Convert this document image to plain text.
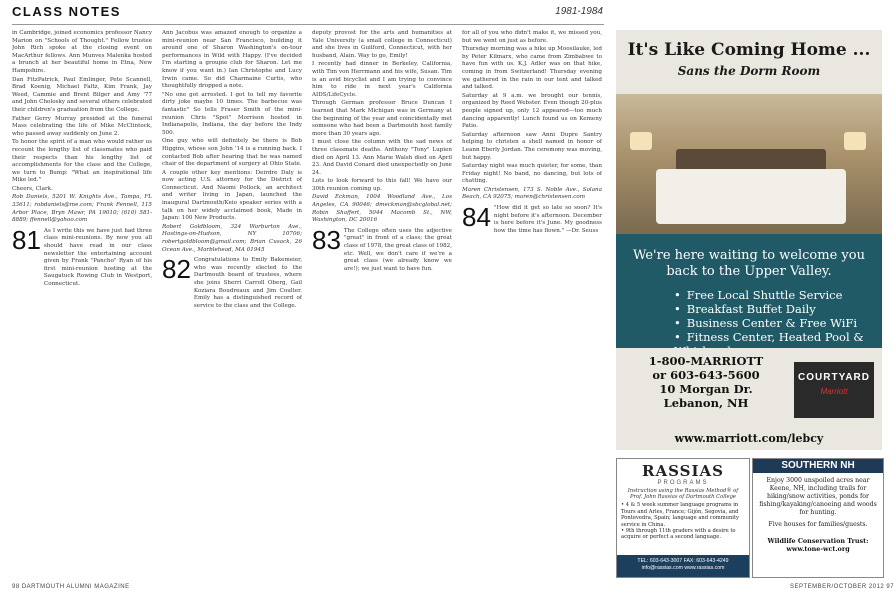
CLASS NOTES	1981-1984

in Cambridge, joined economics professor Nancy Marion on "Schools of Thought." Fellow trustee John Rich spoke at the closing event on MacArthur fellows. Ann Munves Malenka hosted a brunch at her beautiful home in Etna, New Hampshire.

Dan FitzPatrick, Paul Emlinger, Pete Scannell, Brad Koenig, Michael Faltz, Kim Frank, Jay Weed, Cammie and Brent Bilger and Amy '77 and John Cholosky and several others celebrated their children's graduation from the College.

Father Gerry Murray presided at the funeral Mass celebrating the life of Mike McClintock, who passed away suddenly on June 2.

To honor the spirit of a man who would rather us recount the lengthy list of classmates who paid their respects than his lengthy list of accomplishments for the class and the College, we turn to Bump: "What an inspirational life Mike led."

Cheers, Clark.

Rob Daniels, 5201 W. Knights Ave., Tampa, FL 33611; robdaniels@me.com; Frank Fennell, 115 Arbor Place, Bryn Mawr, PA 19010; (610) 581-8889; ffennell@yahoo.com

81 As I write this we have just had three class mini-reunions. By now you all should have read in our class newsletter the entertaining account given by Frank "Pancho" Ryan of his first mini-reunion hosting at the Saugatuck Rowing Club in Westport, Connecticut.

Ann Jacobus was amazed enough to organize a mini-reunion near San Francisco, building it around one of Sharon Washington's on-tour performances in Wild with Happy. (I've decided I'm starting a groupie club for Sharon. Let me know if you want in.) Ian Christophe and Lucy Irwin came. So did Charmaine Curtis, who thoughtfully dropped a note.

"No one got arrested. I got to tell my favorite dirty joke maybe 10 times. The barbecue was fantastic" So tells Fraser Smith of the mini-reunion Chris "Spot" Morrison hosted in Indianapolis, Indiana, the day before the Indy 500.

One guy who will definitely be there is Bob Higgins, whose son John '14 is a running back. I contacted Bob after hearing that he was named chair of the department of surgery at Ohio State.

A couple other key mentions: Deirdre Daly is now acting U.S. attorney for the District of Connecticut. And Naomi Pollock, an architect and writer living in Japan, launched the inaugural Dartmouth/Keio speaker series with a talk on her widely acclaimed book, Made in Japan: 100 New Products.

Robert Goldbloom, 324 Warburton Ave., Hastings-on-Hudson, NY 10706; robertgoldbloom@gmail.com; Brian Cusack, 26 Ocean Ave., Marblehead, MA 01945

82 Congratulations to Emily Bakemeier, who was recently elected to the Dartmouth board of trustees, where she joins Sherri Carroll Oberg, Gail Koziara Boudreaux and Jim Coulter. Emily has a distinguished record of service to the class and the College.

deputy provost for the arts and humanities at Yale University (a small college in Connecticut) and she lives in Guilford, Connecticut, with her husband, Alain. Way to go, Emily!

I recently had dinner in Berkeley, California, with Tim von Herrmann and his wife, Susan. Tim is an avid bicyclist and I am trying to convince him to ride in next year's California AIDS/LifeCycle.

Through German professor Bruce Duncan I learned that Mark Michigan was in Germany at the beginning of the year and coincidentally met someone who had been a Dartmouth host family more than 30 years ago.

I must close the column with the sad news of three classmate deaths. Anthony "Tony" Lupien died on April 13. Ann Marie Walsh died on April 23. And David Conard died unexpectedly on June 24.

Lots to look forward to this fall! We have our 30th reunion coming up.

David Eckman, 1004 Woodland Ave., Los Angeles, CA 90046; dmeckman@sbcglobal.net; Robin Shaffert, 5044 Macomb St., NW, Washington, DC 20016

83 The College often uses the adjective "great" in front of a class; the great class of 1978, the great class of 1982, etc. Well, we don't care if we're a great class (we already know we are!); we just want to have fun.

for all of you who didn't make it, we missed you, but we went on just as before.

Thursday morning was a hike up Moosilauke, led by Peter Kilmarx, who came from Zimbabwe to have fun with us. K.J. Adler was on that hike, coming in from Switzerland! Thursday evening we gathered in the rain in our tent and talked and talked.

Saturday at 9 a.m. we brought our tennis, organized by Reed Webster. Even though 20-plus people signed up, only 12 appeared—too much dancing apparently! Lunch found us on Kemeny Patio.

Saturday afternoon saw Anni Dupre Santry helping to christen a shell named in honor of Leann Eberly Jordan. The ceremony was moving, but happy.

Saturday night was much quieter, for some, than Friday night! No band, no dancing, but lots of chatting.

Maren Christensen, 173 S. Noble Ave., Solana Beach, CA 92075; maren@christensen.com

84 "How did it get so late so soon? It's night before it's afternoon. December is here before it's June. My goodness how the time has flown." —Dr. Seuss
98 DARTMOUTH ALUMNI MAGAZINE	SEPTEMBER/OCTOBER 2012 97
It's Like Coming Home ...
Sans the Dorm Room
We're here waiting to welcome you back to the Upper Valley.
• Free Local Shuttle Service
• Breakfast Buffet Daily
• Business Center & Free WiFi
• Fitness Center, Heated Pool &
1-800-MARRIOTT
or 603-643-5600
10 Morgan Dr.
Lebanon, NH
COURTYARD
Marriott
www.marriott.com/lebcy
RASSIAS
PROGRAMS
Instruction using the Rassias Method® of Prof. John Rassias of Dartmouth College
• 4 & 5 week summer language programs in Tours and Arles, France; Gijón, Segovia, and Pontevedra, Spain; language and community service in China.
• 9th through 11th graders with a desire to acquire or perfect a second language.
TEL: 603-643-3007 FAX: 603-643-4249
info@rassias.com www.rassias.com
SOUTHERN NH

Enjoy 3000 unspoiled acres near Keene, NH, including trails for hiking/snow activities, ponds for fishing/kayaking/canoeing and woods for hunting.

Five houses for families/guests.

Wildlife Conservation Trust:
www.tone-wct.org
